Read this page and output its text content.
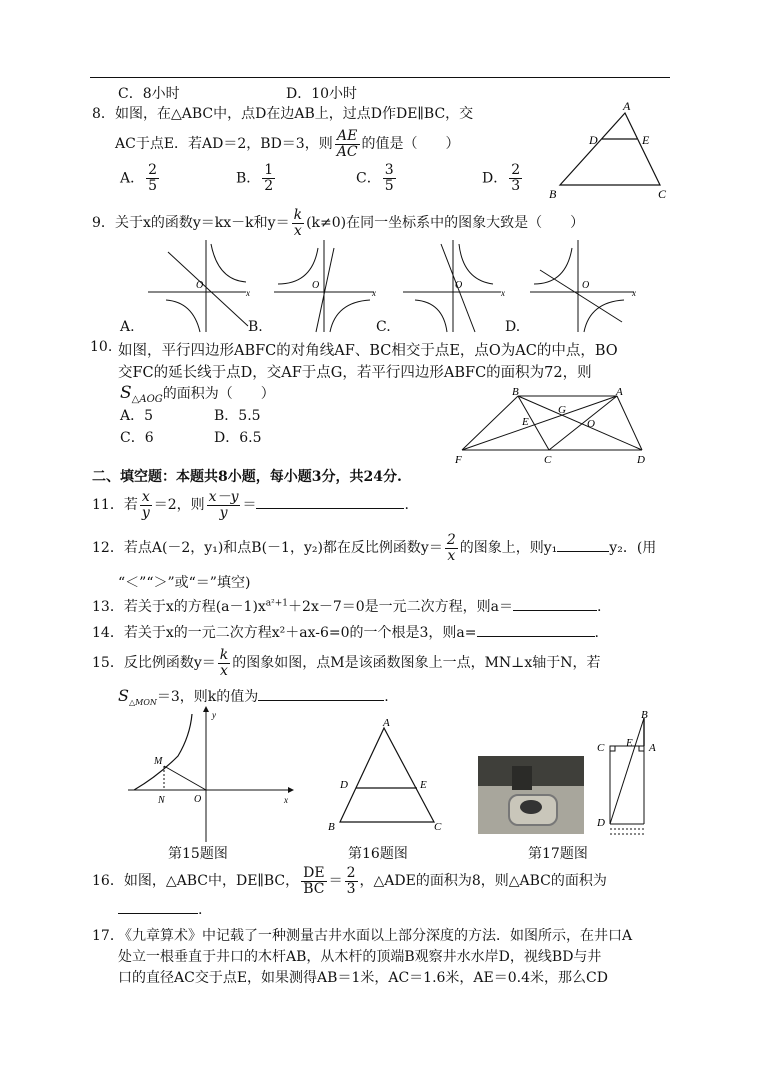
C．8小时	D．10小时
8． 如图，在△ABC中，点D在边AB上，过点D作DE∥BC，交
AC于点E．若AD＝2，BD＝3，则 $\frac{AE}{AC}$ 的值是（　　）
A． $\frac{2}{5}$	B． $\frac{1}{2}$	C． $\frac{3}{5}$	D． $\frac{2}{3}$
A
D	E
B	C
9． 关于x的函数y＝kx－k和$y= \frac{k}{x} (k\ne 0)$在同一坐标系中的图象大致是（　　）
O
x
O
x
O
x
O
x
A.	B.	C.	D.
10. 如图，平行四边形ABFC的对角线AF、BC相交于点E，点O为AC的中点，BO
交FC的延长线于点D，交AF于点G，若平行四边形ABFC的面积为72，则
$S_{\triangle AOG}$的面积为（　　）
A．5	B．5.5
C．6	D．6.5
B	A
G
E	O
F	C	D
二、填空题：本题共8小题，每小题3分，共24分.
11．若 $\frac{x}{y} =2$，则 $\frac{x-y}{y}$ ＝	.
12．若点A(－2，y₁)和点B(－1，y₂)都在反比例函数$y= \frac{2}{x}$ 的图象上，则y₁	y₂．(用
“＜”“＞”或“＝”填空)
13．若关于x的方程$(a-1)x^{a^2+1}+2x-7=0$是一元二次方程，则a＝	.
14．若关于x的一元二次方程x²＋ax-6=0的一个根是3，则a=	.
15．反比例函数$y= \frac{k}{x}$ 的图象如图，点M是该函数图象上一点，MN⊥x轴于N，若
$S_{\triangle MON}=3$，则k的值为	.
M
N	O	x
y
第15题图
A
D	E
B	C
第16题图
B
C E A
D
第17题图
16．如图，△ABC中，DE∥BC， $\frac{DE}{BC} = \frac{2}{3}$ ，△ADE的面积为8，则△ABC的面积为
.
17．
《九章算术》中记载了一种测量古井水面以上部分深度的方法．如图所示，在井口A
处立一根垂直于井口的木杆AB，从木杆的顶端B观察井水水岸D，视线BD与井
口的直径AC交于点E，如果测得AB＝1米，AC＝1.6米，AE＝0.4米，那么CD
